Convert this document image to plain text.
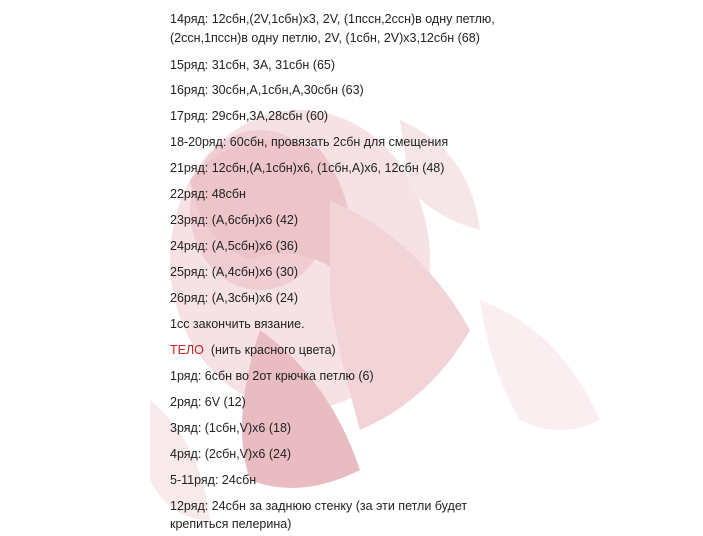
14ряд: 12сбн,(2V,1сбн)х3, 2V, (1пссн,2ссн)в одну петлю,
(2ссн,1пссн)в одну петлю, 2V, (1сбн, 2V)х3,12сбн (68)
15ряд: 31сбн, 3А, 31сбн (65)
16ряд: 30сбн,А,1сбн,А,30сбн (63)
17ряд: 29сбн,3А,28сбн (60)
18-20ряд: 60сбн, провязать 2сбн для смещения
21ряд: 12сбн,(А,1сбн)х6, (1сбн,А)х6, 12сбн (48)
22ряд: 48сбн
23ряд: (А,6сбн)х6 (42)
24ряд: (А,5сбн)х6 (36)
25ряд: (А,4сбн)х6 (30)
26ряд: (А,3сбн)х6 (24)
1сс закончить вязание.
ТЕЛО (нить красного цвета)
1ряд: 6сбн во 2от крючка петлю (6)
2ряд: 6V (12)
3ряд: (1сбн,V)х6 (18)
4ряд: (2сбн,V)х6 (24)
5-11ряд: 24сбн
12ряд: 24сбн за заднюю стенку (за эти петли будет
крепиться пелерина)
